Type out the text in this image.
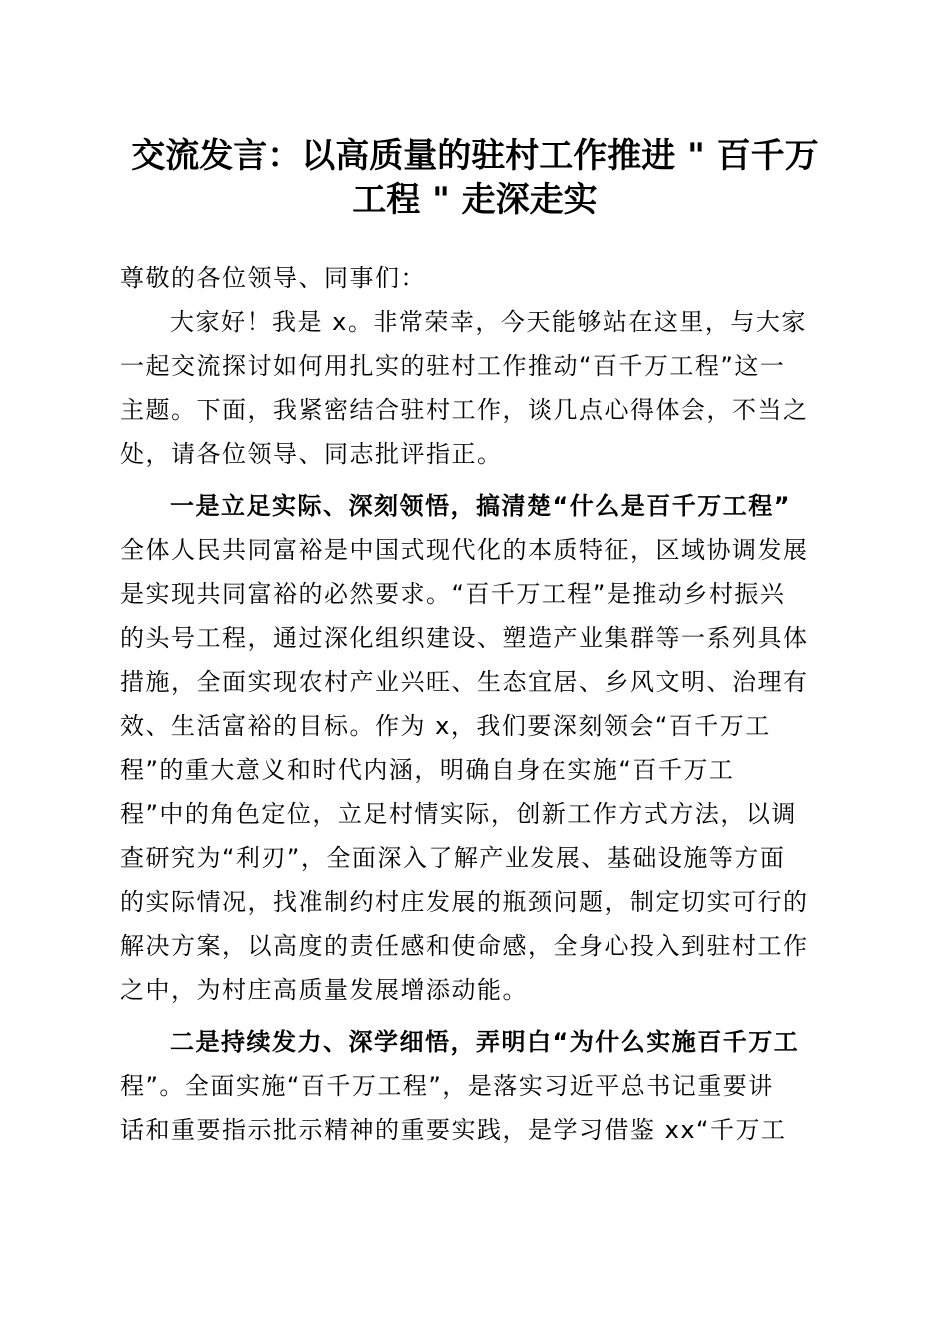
交流发言：以高质量的驻村工作推进 " 百千万
工程 " 走深走实
尊敬的各位领导、同事们：
大家好！我是 x。非常荣幸，今天能够站在这里，与大家
一起交流探讨如何用扎实的驻村工作推动“百千万工程”这一
主题。下面，我紧密结合驻村工作，谈几点心得体会，不当之
处，请各位领导、同志批评指正。
一是立足实际、深刻领悟，搞清楚“什么是百千万工程”
全体人民共同富裕是中国式现代化的本质特征，区域协调发展
是实现共同富裕的必然要求。“百千万工程”是推动乡村振兴
的头号工程，通过深化组织建设、塑造产业集群等一系列具体
措施，全面实现农村产业兴旺、生态宜居、乡风文明、治理有
效、生活富裕的目标。作为 x，我们要深刻领会“百千万工
程”的重大意义和时代内涵，明确自身在实施“百千万工
程”中的角色定位，立足村情实际，创新工作方式方法，以调
查研究为“利刃”，全面深入了解产业发展、基础设施等方面
的实际情况，找准制约村庄发展的瓶颈问题，制定切实可行的
解决方案，以高度的责任感和使命感，全身心投入到驻村工作
之中，为村庄高质量发展增添动能。
二是持续发力、深学细悟，弄明白“为什么实施百千万工
程”。全面实施“百千万工程”，是落实习近平总书记重要讲
话和重要指示批示精神的重要实践，是学习借鉴 xx“千万工
